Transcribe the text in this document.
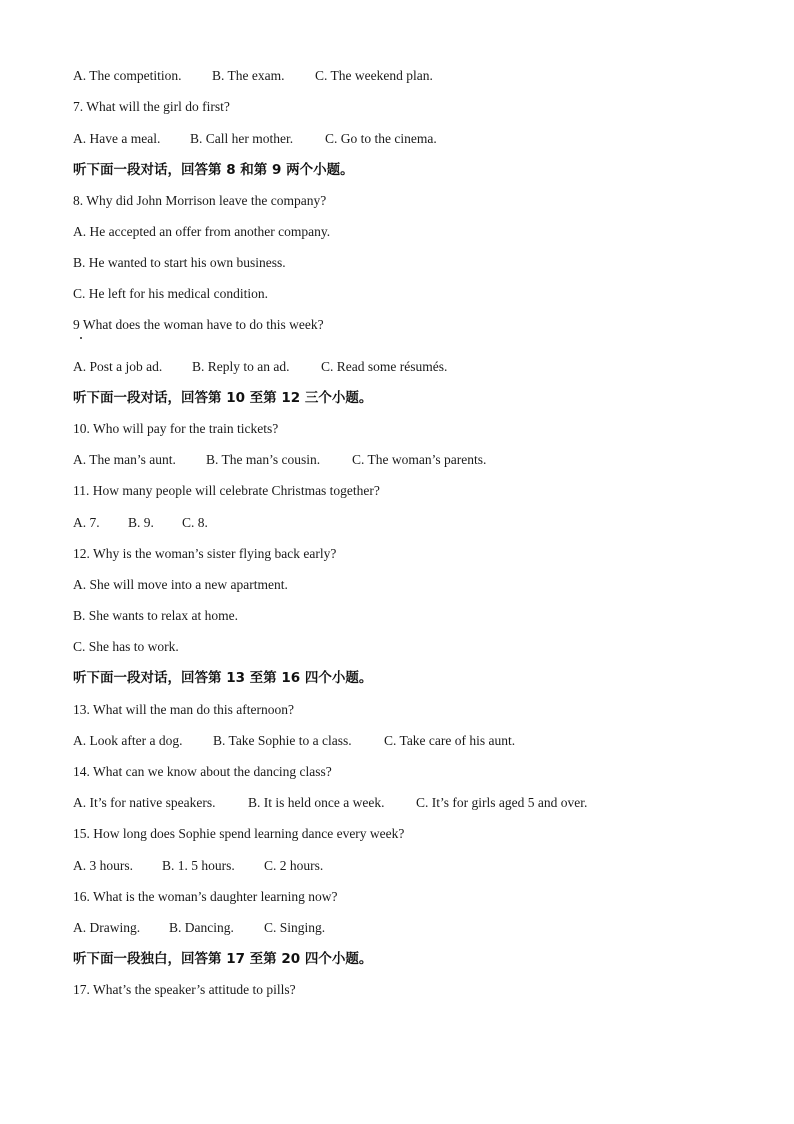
A. The competition. B. The exam. C. The weekend plan.
7. What will the girl do first?
A. Have a meal. B. Call her mother. C. Go to the cinema.
听下面一段对话，回答第 8 和第 9 两个小题。
8. Why did John Morrison leave the company?
A. He accepted an offer from another company.
B. He wanted to start his own business.
C. He left for his medical condition.
9 What does the woman have to do this week?
A. Post a job ad. B. Reply to an ad. C. Read some résumés.
听下面一段对话，回答第 10 至第 12 三个小题。
10. Who will pay for the train tickets?
A. The man’s aunt. B. The man’s cousin. C. The woman’s parents.
11. How many people will celebrate Christmas together?
A. 7. B. 9. C. 8.
12. Why is the woman’s sister flying back early?
A. She will move into a new apartment.
B. She wants to relax at home.
C. She has to work.
听下面一段对话，回答第 13 至第 16 四个小题。
13. What will the man do this afternoon?
A. Look after a dog. B. Take Sophie to a class. C. Take care of his aunt.
14. What can we know about the dancing class?
A. It’s for native speakers. B. It is held once a week. C. It’s for girls aged 5 and over.
15. How long does Sophie spend learning dance every week?
A. 3 hours. B. 1. 5 hours. C. 2 hours.
16. What is the woman’s daughter learning now?
A. Drawing. B. Dancing. C. Singing.
听下面一段独白，回答第 17 至第 20 四个小题。
17. What’s the speaker’s attitude to pills?
